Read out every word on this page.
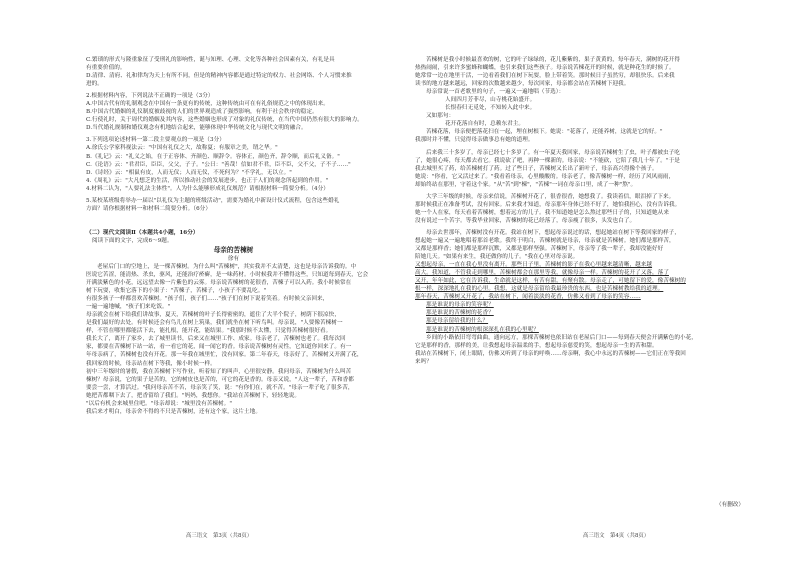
C.繁琐的形式与隆重象征了受刑礼的影响性，诞与知理、心理、文化等各种社会因素有关，有礼是具
有重要价值的。
D.清律、清府、礼和律均为天上有所不同，但是的精神内容都是通过特定的权力、社会网络、个人习惯来推
进的。
2.根据材料内容，下列说法不正确的一项是（3分）
A.中国古代有的礼制观念在中国有一条更有的传统，这种传统由可在有礼俗规范之中的体现出来。
B.中国古代婚姻的礼仪制度被歧视的人们的世界观造成了强烈影响，有利于社会秩序的稳定。
C.行使礼时，关于周代的婚姻及其内容，这些婚姻也形成了对象的礼仪传统，在当代中国仍然有很大的影响力。
D.当代婚礼规制和婚仪观念有机地结合起来，能够体现中华传统文化与现代文明的融合。
3.下列选项论述材料一第二段主要观点的一项是（3分）
A.徐氏公学家科视法云："中国有礼仪之大，故称夏；有服章之美，谓之华。"
B.《礼记》云："礼义之始，在于正容体、齐颜色、顺辞令。容体正，颜色齐，辞令顺，而后礼义备。"
C.《论语》云："君君臣，臣臣，父父，子子。"公曰："善哉！信如君不君，臣不臣，父不父，子不子……"
D.《诗经》云："相鼠有皮，人而无仪；人而无仪，不死何为？"不学礼，无以立。"
4.《周礼》云："大凡想乏的生活，所以推动社会的发展进步，也正于人们的观念所起到的作用。"
4.材料二认为，"人要礼法主体性"。人为什么能够形成礼仪规范？请根据材料一简要分析。（4分）
5.某校某班级将举办一届以"以礼仪为主题的班级活动"，需要为婚礼中新设计仪式流程，包含这些婚礼
方面？请你根据材料一和材料二简要分析。（6分）
（二）现代文阅读Ⅱ（本题共4小题，16分）
阅读下面的文字，完成6～9题。
母亲的苦楝树
徐有
老屋后门口的空地上，是一棵苦楝树。为什么叫"苦楝树"，其实我并不太清楚，这也是母亲告诉我的。中
医说它苦涩，能清热、杀虫，驱风，还能治疗疥癣，是一味药材。小时候我并不懂得这些，只知道每到春天，它会
开满淡紫色的小花，远远望去像一片紫色的云雾。母亲说苦楝树的花很香，苦楝子可以入药。我小时候常在
树下玩耍，收集它落下的小果子："苦楝子，苦楝子，小孩子不要乱吃。"
有很多孩子一样都喜欢苦楝树。"孩子们，孩子们……"孩子们在树下说着笑着。有时候父亲回来，
一遍一遍地喊，"孩子们来吃饭。"
母亲就会在树下给我们讲故事，夏天，苦楝树的叶子长得密密的，遮住了大半个院子，树荫下很凉快，
是我们最好的去处。有时候还会有鸟儿在树上筑巢，我们就坐在树下听鸟叫。母亲说，"人要像苦楝树一
样，不管在哪里都能活下去，能扎根，能开花，能结果。"我那时候不太懂，只觉得苦楝树很好看。
我长大了，离开了家乡，去了城里读书，后来又在城里工作、成家。母亲老了，苦楝树也老了。我每次回
家，都要在苦楝树下站一站，看一看它的花，闻一闻它的香。母亲说苦楝树有灵性，它知道你回来了。有一
年母亲病了，苦楝树也没有开花。那一年我在城里忙，没有回家。第二年春天，母亲好了，苦楝树又开满了花，
我回家的时候，母亲站在树下等我，像小时候一样。
初中三年级时的暑假，我在苦楝树下写作业，听着知了的叫声，心里很安静。我问母亲，苦楝树为什么叫苦
楝树？母亲说，它的果子是苦的，它的树皮也是苦的，可它的花是香的。母亲又说，"人这一辈子，苦和香都
要尝一尝，才算活过。"我问母亲苦不苦，母亲笑了笑，说："有你们在，就不苦。"母亲一辈子吃了很多苦，
她把苦都咽下去了，把香留给了我们。"妈妈，我想你。"我站在苦楝树下，轻轻地说。
"以后有机会来城里住吧。"母亲却说："城里没有苦楝树。"
我后来才明白，母亲舍不得的不只是苦楝树，还有这个家，这片土地。
高三语文　第3页（共8页）
苦楝树是我小时候最喜欢的树，它的叶子绿绿的，花儿紫紫的，果子黄黄的，每年春天，满树的花开得
热热闹闹，引来许多蜜蜂和蝴蝶，也引来我们这些孩子。母亲说苦楝花开的时候，就是种花生的时候了。
她常常一边在地里干活，一边看着我们在树下玩耍，脸上带着笑。那时候日子虽然穷，却很快乐。后来我
读书的地方越来越远，回家的次数越来越少，每次回家，母亲都会站在苦楝树下迎我。
母亲常说一首老歌里的句子，一遍又一遍地唱（节选）：
人间四月芳菲尽，山寺桃花始盛开。
长恨春归无觅处，不知转入此中来。
又如那句：
花开花落自有时，总赖东君主。
苦楝花落，母亲便把落花扫在一起，埋在树根下。她说："花落了，还能养树，这就是它的好。"
我那时并不懂，只觉得母亲做事总有她的道理。
后来我三十多岁了，母亲已经七十多岁了。有一年夏天我回家，母亲说苦楝树生了虫，叶子都被虫子吃
了，她很心疼，每天都去看它。我说砍了吧，再种一棵新的。母亲说："不能砍，它陪了我几十年了。"于是
我去城里买了药，给苦楝树打了药。过了些日子，苦楝树又长出了新叶子，母亲高兴得像个孩子。
她说："你看，它又活过来了。"我看着母亲，心里酸酸的。母亲老了，像苦楝树一样，经历了风风雨雨，
却始终站在那里，守着这个家。"从"苦"到"楝"，"苦楝"一词在母亲口里，成了一种"熬"。
大学三年级的时候，母亲来信说，苦楝树开花了，很香很香，她想我了。我读着信，眼泪掉了下来。
那时候我正在准备考试，没有回家。后来我才知道，母亲那年身体已经不好了，她怕我担心，没有告诉我。
她一个人在家，每天看着苦楝树，想着远方的儿子。我不知道她是怎么熬过那些日子的，只知道她从来
没有说过一个苦字。等我毕业回家，苦楝树的花已经落了，母亲瘦了很多，头发也白了。
母亲去世那年，苦楝树没有开花。我站在树下，想起母亲说过的话，想起她站在树下等我回家的样子，
想起她一遍又一遍地唱着那首老歌。我终于明白，苦楝树就是母亲，母亲就是苦楝树。她们都是那样苦，
又都是那样香；她们都是那样沉默，又都是那样坚强。苦楝树下，母亲等了我一辈子，我却没能好好
陪她几天。"如果有来生，我还做你的儿子。"我在心里对母亲说。
又想起母亲，一直在我心里没有离开。那些日子里，苦楝树的影子在我心里越来越清晰，越来越
高大。我知道，不管我走到哪里，苦楝树都会在那里等我，就像母亲一样。苦楝树的花开了又落，落了
又开，年年如此，它在告诉我，生命就是这样，有苦有甜，有聚有散。母亲走了，可她留下的爱，像苦楝树的
根一样，深深地扎在我的心里。我想，这就是母亲留给我最珍贵的东西，也是苦楝树教给我的道理。
那年春天，苦楝树又开花了，我站在树下，闻着淡淡的花香，仿佛又看到了母亲的笑容……
那是谁说的母亲的笑容呢？
那是谁说的苦楝树的花香？
那是母亲留给我的什么？
那是谁说的苦楝树的根深深扎在我的心里呢？
乡间的小路依旧弯弯曲曲，通向远方，那棵苦楝树也依旧站在老屋后门口——每到春天便会开满紫色的小花，
它是那样的香，那样的美，让我想起母亲温柔的手，想起母亲慈爱的笑，想起母亲一生的苦和甜。
我站在苦楝树下，闭上眼睛，仿佛又听到了母亲的呼唤……母亲啊，我心中永远的苦楝树——它们正在等我回
来吗？
（有删改）
高三语文　第4页（共8页）
